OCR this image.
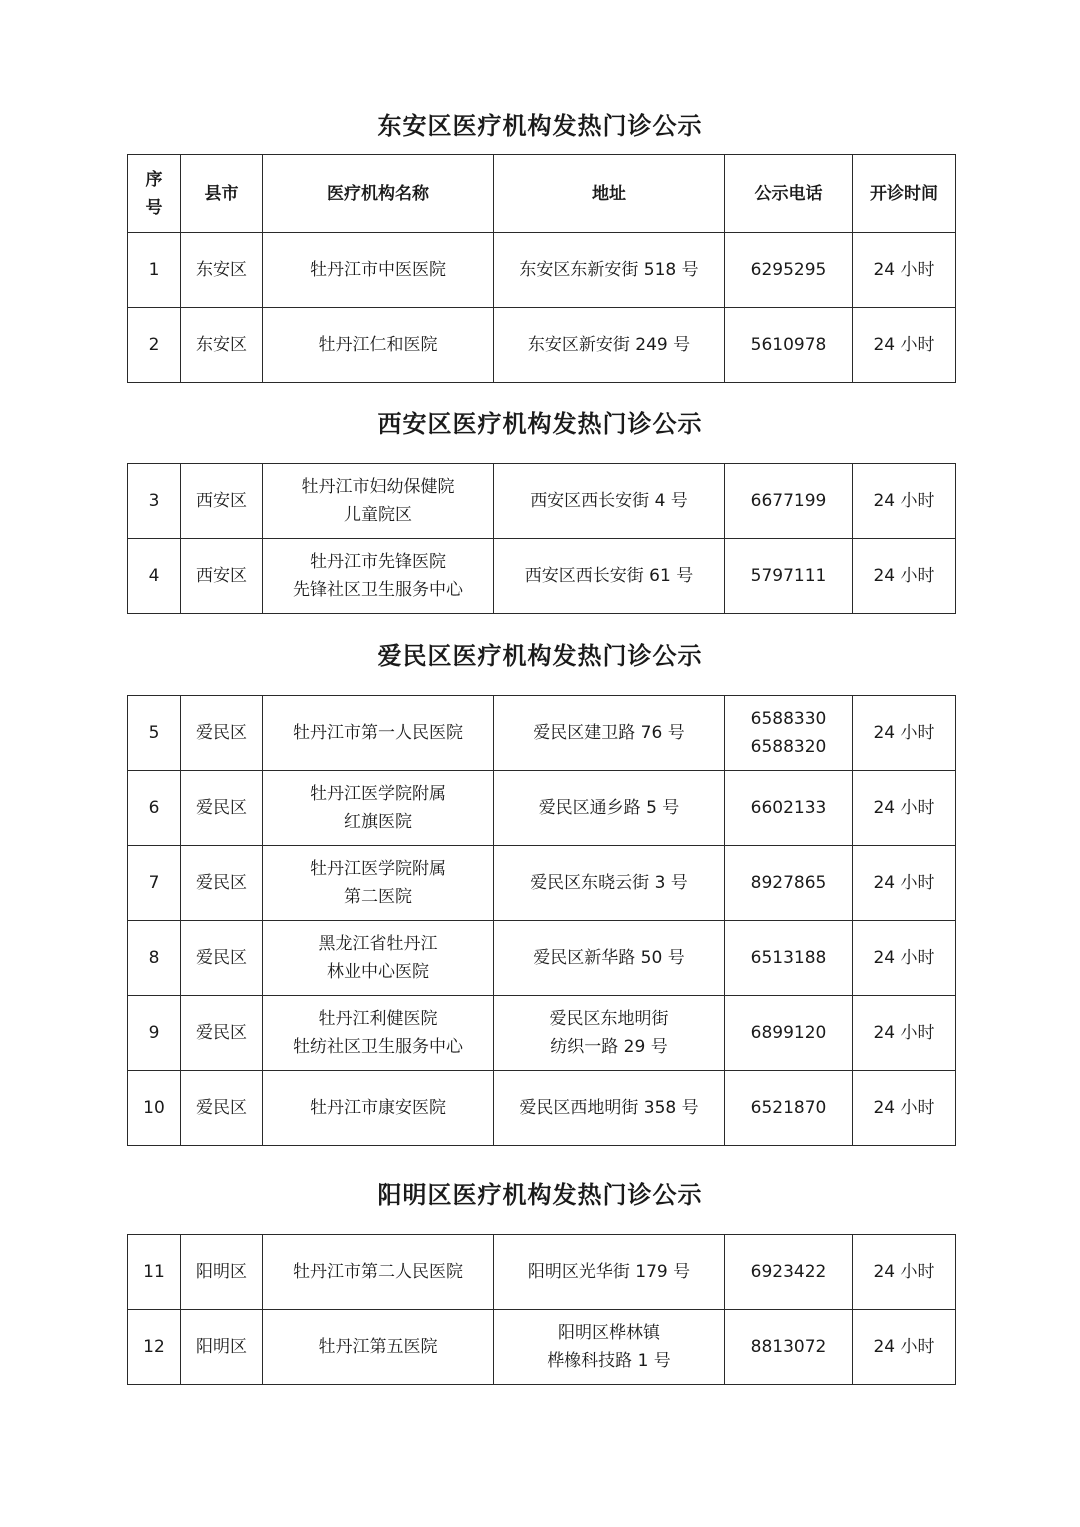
东安区医疗机构发热门诊公示
序
号	县市	医疗机构名称	地址	公示电话	开诊时间

1	东安区	牡丹江市中医医院	东安区东新安街 518 号	6295295	24 小时

2	东安区	牡丹江仁和医院	东安区新安街 249 号	5610978	24 小时
西安区医疗机构发热门诊公示
3	西安区	牡丹江市妇幼保健院
儿童院区	西安区西长安街 4 号	6677199	24 小时

4	西安区	牡丹江市先锋医院
先锋社区卫生服务中心	西安区西长安街 61 号	5797111	24 小时
爱民区医疗机构发热门诊公示
5	爱民区	牡丹江市第一人民医院	爱民区建卫路 76 号	6588330
6588320	24 小时

6	爱民区	牡丹江医学院附属
红旗医院	爱民区通乡路 5 号	6602133	24 小时

7	爱民区	牡丹江医学院附属
第二医院	爱民区东晓云街 3 号	8927865	24 小时

8	爱民区	黑龙江省牡丹江
林业中心医院	爱民区新华路 50 号	6513188	24 小时

9	爱民区	牡丹江利健医院
牡纺社区卫生服务中心	爱民区东地明街
纺织一路 29 号	6899120	24 小时

10	爱民区	牡丹江市康安医院	爱民区西地明街 358 号	6521870	24 小时
阳明区医疗机构发热门诊公示
11	阳明区	牡丹江市第二人民医院	阳明区光华街 179 号	6923422	24 小时

12	阳明区	牡丹江第五医院	阳明区桦林镇
桦橡科技路 1 号	8813072	24 小时
